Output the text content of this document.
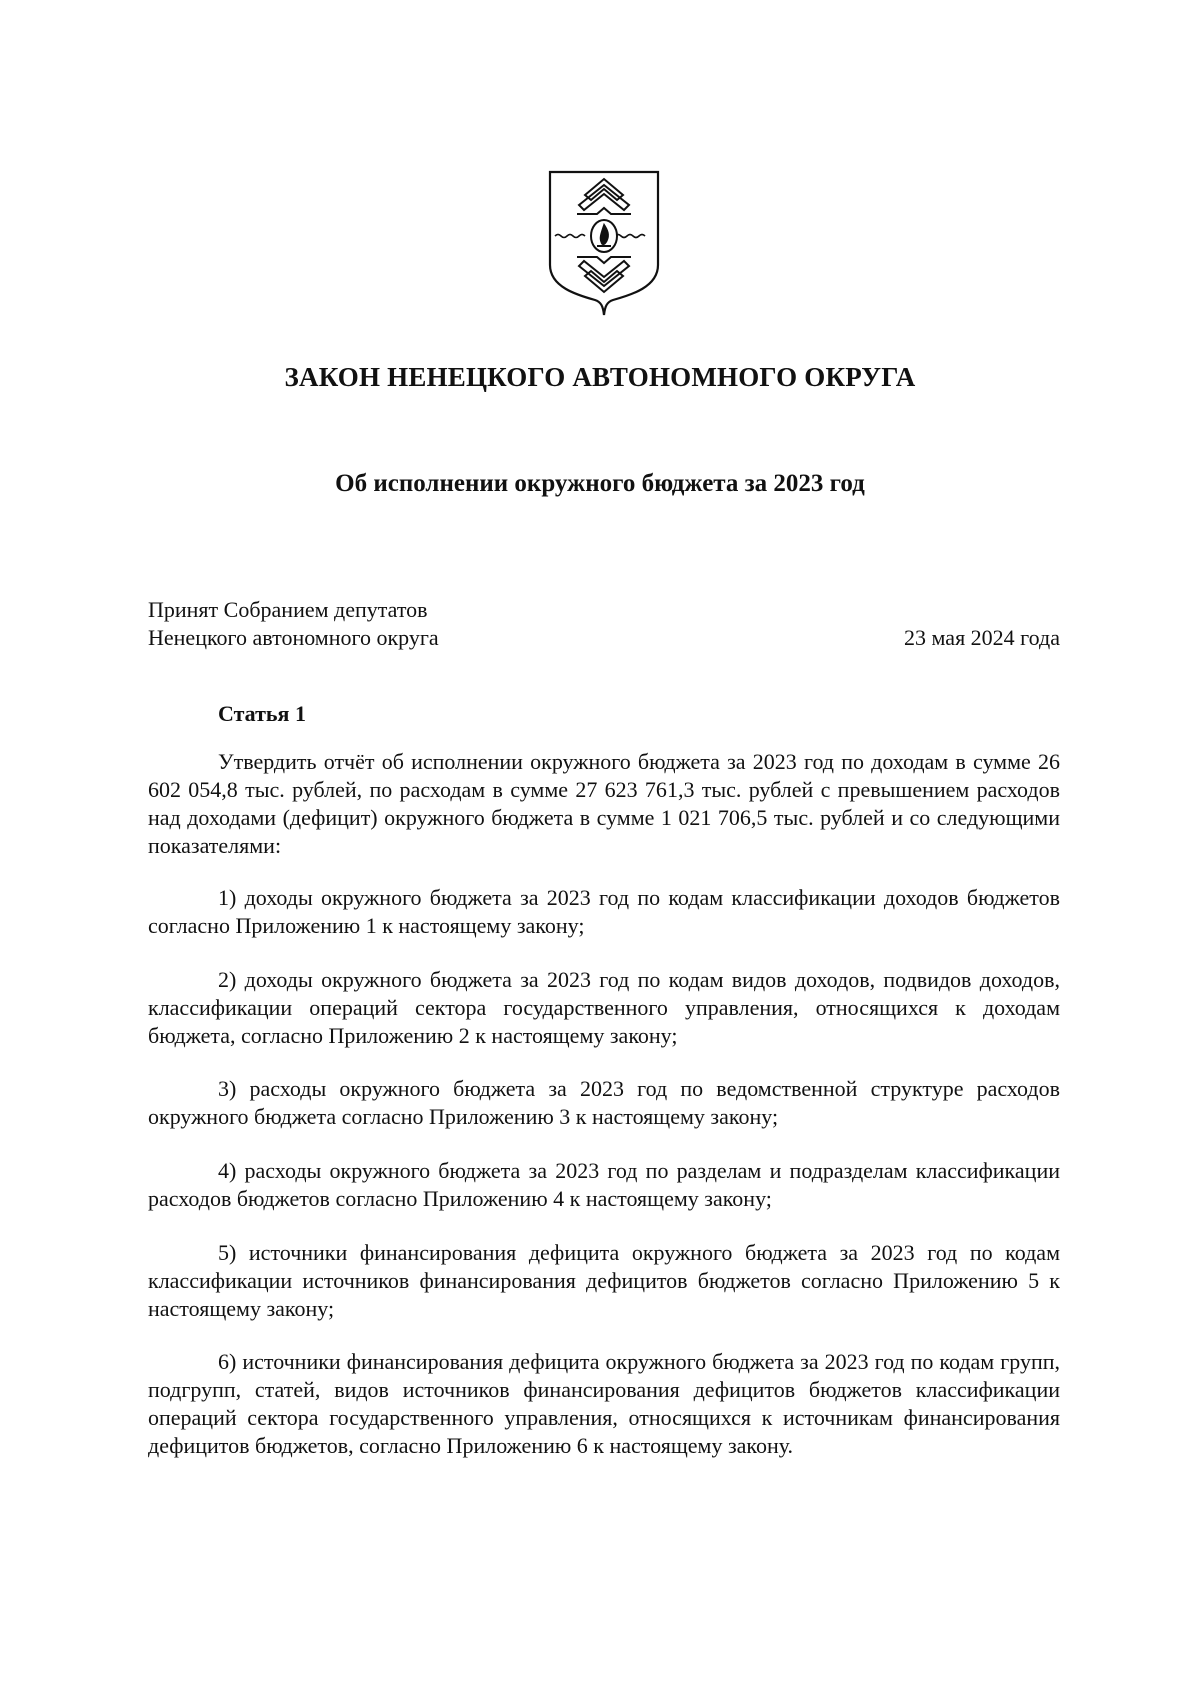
ЗАКОН НЕНЕЦКОГО АВТОНОМНОГО ОКРУГА
Об исполнении окружного бюджета за 2023 год
Принят Собранием депутатов
Ненецкого автономного округа	23 мая 2024 года
Статья 1

Утвердить отчёт об исполнении окружного бюджета за 2023 год по доходам в сумме 26 602 054,8 тыс. рублей, по расходам в сумме 27 623 761,3 тыс. рублей с превышением расходов над доходами (дефицит) окружного бюджета в сумме 1 021 706,5 тыс. рублей и со следующими показателями:

1) доходы окружного бюджета за 2023 год по кодам классификации доходов бюджетов согласно Приложению 1 к настоящему закону;

2) доходы окружного бюджета за 2023 год по кодам видов доходов, подвидов доходов, классификации операций сектора государственного управления, относящихся к доходам бюджета, согласно Приложению 2 к настоящему закону;

3) расходы окружного бюджета за 2023 год по ведомственной структуре расходов окружного бюджета согласно Приложению 3 к настоящему закону;

4) расходы окружного бюджета за 2023 год по разделам и подразделам классификации расходов бюджетов согласно Приложению 4 к настоящему закону;

5) источники финансирования дефицита окружного бюджета за 2023 год по кодам классификации источников финансирования дефицитов бюджетов согласно Приложению 5 к настоящему закону;

6) источники финансирования дефицита окружного бюджета за 2023 год по кодам групп, подгрупп, статей, видов источников финансирования дефицитов бюджетов классификации операций сектора государственного управления, относящихся к источникам финансирования дефицитов бюджетов, согласно Приложению 6 к настоящему закону.
